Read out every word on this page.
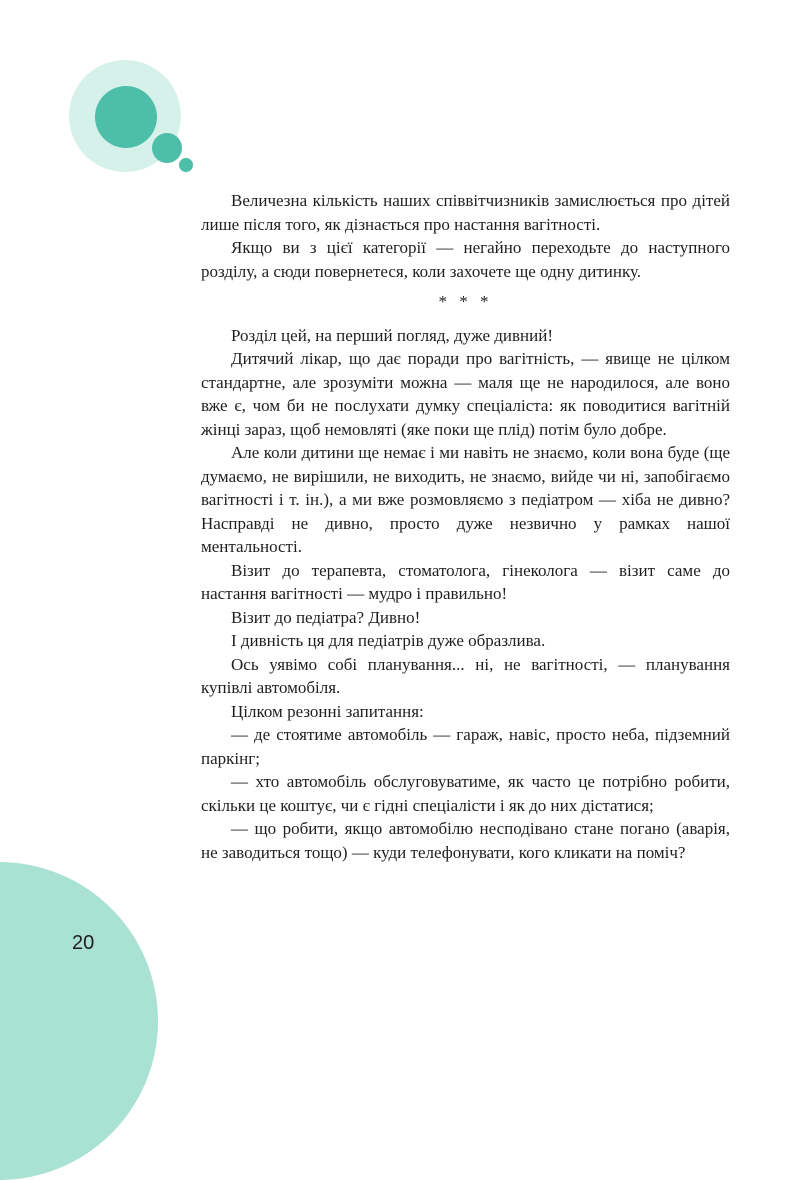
Величезна кількість наших співвітчизників замислюється про дітей лише після того, як дізнається про настання вагітності.

Якщо ви з цієї категорії — негайно переходьте до наступного розділу, а сюди повернетеся, коли захочете ще одну дитинку.

* * *

Розділ цей, на перший погляд, дуже дивний!

Дитячий лікар, що дає поради про вагітність, — явище не цілком стандартне, але зрозуміти можна — маля ще не народилося, але воно вже є, чом би не послухати думку спеціаліста: як поводитися вагітній жінці зараз, щоб немовляті (яке поки ще плід) потім було добре.

Але коли дитини ще немає і ми навіть не знаємо, коли вона буде (ще думаємо, не вирішили, не виходить, не знаємо, вийде чи ні, запобігаємо вагітності і т. ін.), а ми вже розмовляємо з педіатром — хіба не дивно? Насправді не дивно, просто дуже незвично у рамках нашої ментальності.

Візит до терапевта, стоматолога, гінеколога — візит саме до настання вагітності — мудро і правильно!

Візит до педіатра? Дивно!

І дивність ця для педіатрів дуже образлива.

Ось уявімо собі планування... ні, не вагітності, — планування купівлі автомобіля.

Цілком резонні запитання:

— де стоятиме автомобіль — гараж, навіс, просто неба, підземний паркінг;

— хто автомобіль обслуговуватиме, як часто це потрібно робити, скільки це коштує, чи є гідні спеціалісти і як до них дістатися;

— що робити, якщо автомобілю несподівано стане погано (аварія, не заводиться тощо) — куди телефонувати, кого кликати на поміч?

20
